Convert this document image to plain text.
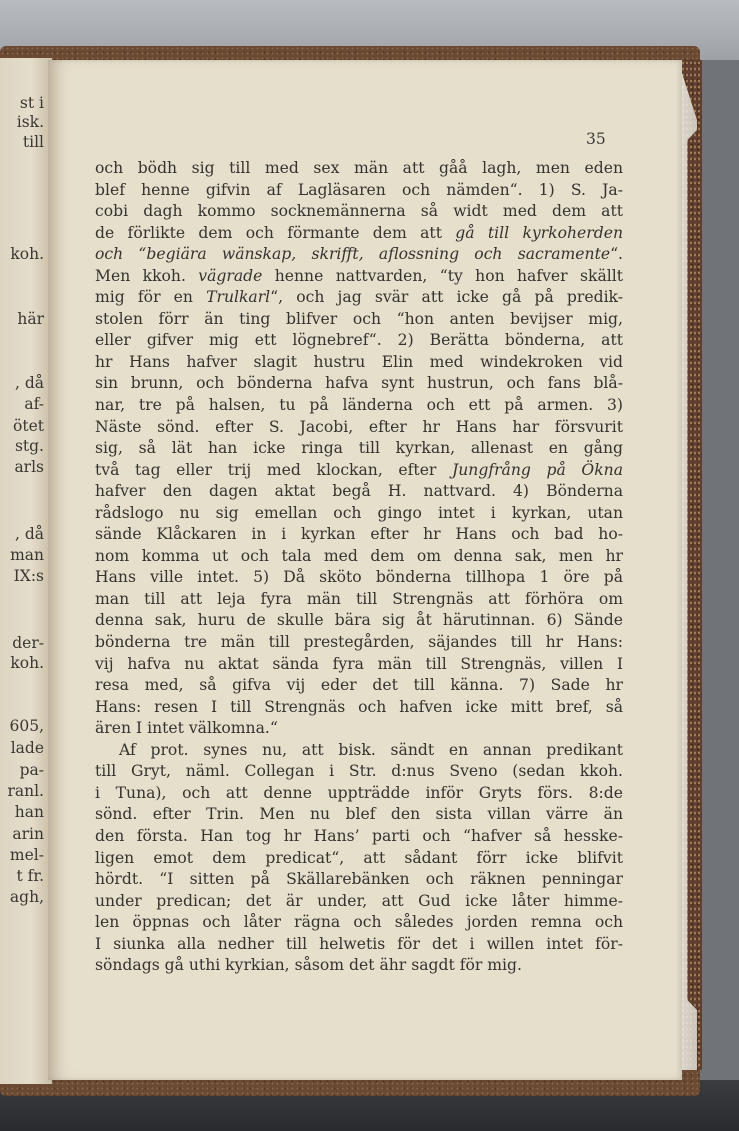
st i

isk.

till

koh.

här

, då

af-

ötet

stg.

arls

, då

man

IX:s

der-

koh.

605,

lade

pa-

ranl.

han

arin

mel-

t fr.

agh,

35

och bödh sig till med sex män att gåå lagh, men eden

blef henne gifvin af Lagläsaren och nämden“. 1) S. Ja-

cobi dagh kommo socknemännerna så widt med dem att

de förlikte dem och förmante dem att gå till kyrkoherden

och “begiära wänskap, skrifft, aflossning och sacramente“.

Men kkoh. vägrade henne nattvarden, “ty hon hafver skällt

mig för en Trulkarl“, och jag svär att icke gå på predik-

stolen förr än ting blifver och “hon anten bevijser mig,

eller gifver mig ett lögnebref“. 2) Berätta bönderna, att

hr Hans hafver slagit hustru Elin med windekroken vid

sin brunn, och bönderna hafva synt hustrun, och fans blå-

nar, tre på halsen, tu på länderna och ett på armen. 3)

Näste sönd. efter S. Jacobi, efter hr Hans har försvurit

sig, så lät han icke ringa till kyrkan, allenast en gång

två tag eller trij med klockan, efter Jungfrång på Ökna

hafver den dagen aktat begå H. nattvard. 4) Bönderna

rådslogo nu sig emellan och gingo intet i kyrkan, utan

sände Klåckaren in i kyrkan efter hr Hans och bad ho-

nom komma ut och tala med dem om denna sak, men hr

Hans ville intet. 5) Då sköto bönderna tillhopa 1 öre på

man till att leja fyra män till Strengnäs att förhöra om

denna sak, huru de skulle bära sig åt härutinnan. 6) Sände

bönderna tre män till prestegården, säjandes till hr Hans:

vij hafva nu aktat sända fyra män till Strengnäs, villen I

resa med, så gifva vij eder det till känna. 7) Sade hr

Hans: resen I till Strengnäs och hafven icke mitt bref, så

ären I intet välkomna.“

Af prot. synes nu, att bisk. sändt en annan predikant

till Gryt, näml. Collegan i Str. d:nus Sveno (sedan kkoh.

i Tuna), och att denne uppträdde inför Gryts förs. 8:de

sönd. efter Trin. Men nu blef den sista villan värre än

den första. Han tog hr Hans’ parti och “hafver så hesske-

ligen emot dem predicat“, att sådant förr icke blifvit

hördt. “I sitten på Skällarebänken och räknen penningar

under predican; det är under, att Gud icke låter himme-

len öppnas och låter rägna och således jorden remna och

I siunka alla nedher till helwetis för det i willen intet för-

söndags gå uthi kyrkian, såsom det ähr sagdt för mig.
